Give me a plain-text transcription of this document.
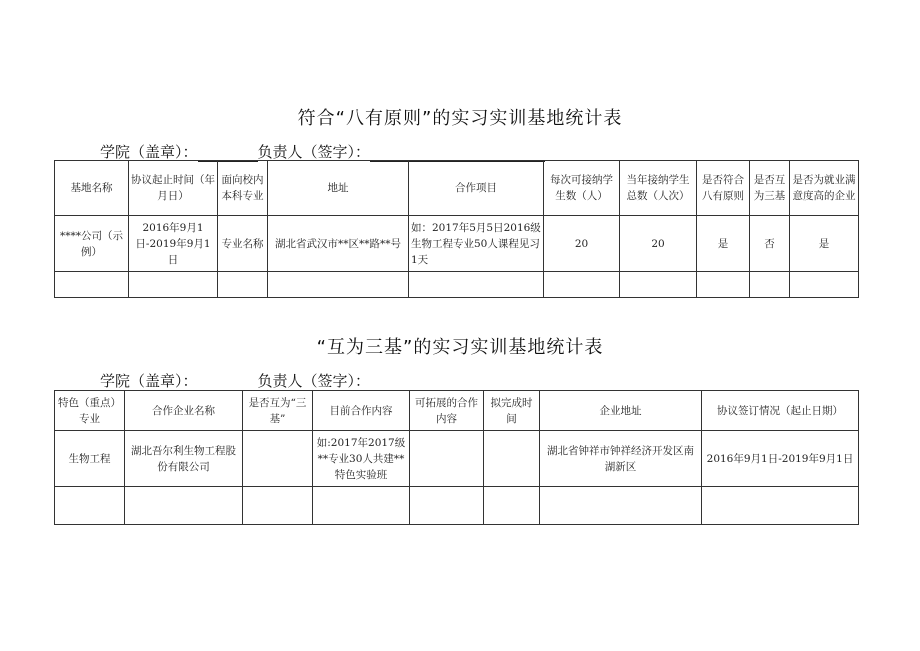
符合“八有原则”的实习实训基地统计表
学院（盖章）：	负责人（签字）：
基地名称	协议起止时间（年月日）	面向校内本科专业	地址	合作项目	每次可接纳学生数（人）	当年接纳学生总数（人次）	是否符合八有原则	是否互为三基	是否为就业满意度高的企业
****公司（示例）	2016年9月1日-2019年9月1日	专业名称	湖北省武汉市**区**路**号	如：2017年5月5日2016级生物工程专业50人课程见习1天	20	20	是	否	是

“互为三基”的实习实训基地统计表
学院（盖章）：	负责人（签字）：
特色（重点）专业	合作企业名称	是否互为“三基”	目前合作内容	可拓展的合作内容	拟完成时间	企业地址	协议签订情况（起止日期）
生物工程	湖北吾尔利生物工程股份有限公司		如:2017年2017级**专业30人共建**特色实验班			湖北省钟祥市钟祥经济开发区南湖新区	2016年9月1日-2019年9月1日
